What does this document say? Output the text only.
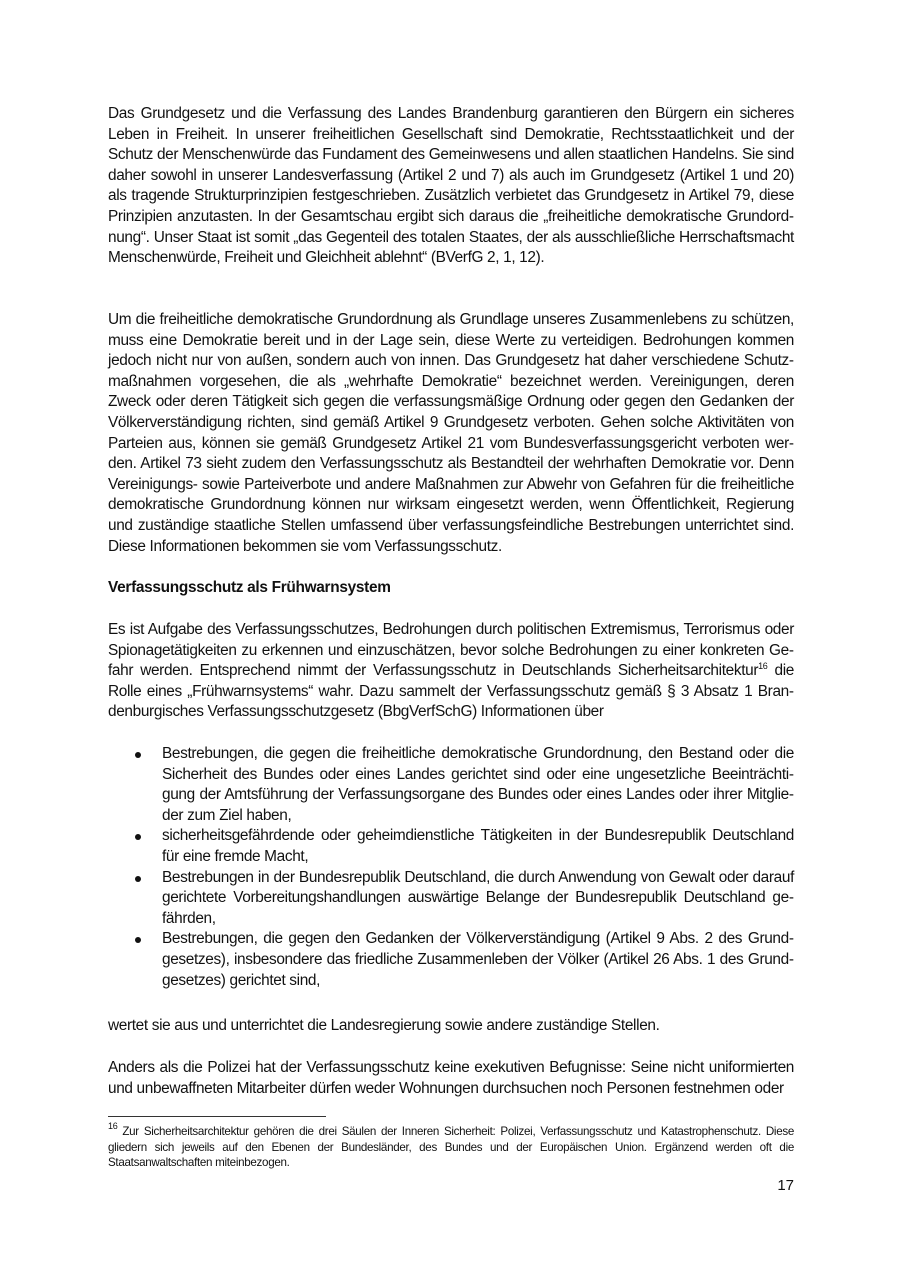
Das Grundgesetz und die Verfassung des Landes Brandenburg garantieren den Bürgern ein sicheres Leben in Freiheit. In unserer freiheitlichen Gesellschaft sind Demokratie, Rechtsstaatlichkeit und der Schutz der Menschenwürde das Fundament des Gemeinwesens und allen staatlichen Handelns. Sie sind daher sowohl in unserer Landesverfassung (Artikel 2 und 7) als auch im Grundgesetz (Artikel 1 und 20) als tragende Strukturprinzipien festgeschrieben. Zusätzlich verbietet das Grundgesetz in Artikel 79, diese Prinzipien anzutasten. In der Gesamtschau ergibt sich daraus die „freiheitliche demokratische Grundordnung“. Unser Staat ist somit „das Gegenteil des totalen Staates, der als ausschließliche Herrschaftsmacht Menschenwürde, Freiheit und Gleichheit ablehnt“ (BVerfG 2, 1, 12).

Um die freiheitliche demokratische Grundordnung als Grundlage unseres Zusammenlebens zu schützen, muss eine Demokratie bereit und in der Lage sein, diese Werte zu verteidigen. Bedrohungen kommen jedoch nicht nur von außen, sondern auch von innen. Das Grundgesetz hat daher verschiedene Schutzmaßnahmen vorgesehen, die als „wehrhafte Demokratie“ bezeichnet werden. Vereinigungen, deren Zweck oder deren Tätigkeit sich gegen die verfassungsmäßige Ordnung oder gegen den Gedanken der Völkerverständigung richten, sind gemäß Artikel 9 Grundgesetz verboten. Gehen solche Aktivitäten von Parteien aus, können sie gemäß Grundgesetz Artikel 21 vom Bundesverfassungsgericht verboten werden. Artikel 73 sieht zudem den Verfassungsschutz als Bestandteil der wehrhaften Demokratie vor. Denn Vereinigungs- sowie Parteiverbote und andere Maßnahmen zur Abwehr von Gefahren für die freiheitliche demokratische Grundordnung können nur wirksam eingesetzt werden, wenn Öffentlichkeit, Regierung und zuständige staatliche Stellen umfassend über verfassungsfeindliche Bestrebungen unterrichtet sind. Diese Informationen bekommen sie vom Verfassungsschutz.

Verfassungsschutz als Frühwarnsystem

Es ist Aufgabe des Verfassungsschutzes, Bedrohungen durch politischen Extremismus, Terrorismus oder Spionagetätigkeiten zu erkennen und einzuschätzen, bevor solche Bedrohungen zu einer konkreten Gefahr werden. Entsprechend nimmt der Verfassungsschutz in Deutschlands Sicherheitsarchitektur$^{16}$ die Rolle eines „Frühwarnsystems“ wahr. Dazu sammelt der Verfassungsschutz gemäß § 3 Absatz 1 Brandenburgisches Verfassungsschutzgesetz (BbgVerfSchG) Informationen über

Bestrebungen, die gegen die freiheitliche demokratische Grundordnung, den Bestand oder die Sicherheit des Bundes oder eines Landes gerichtet sind oder eine ungesetzliche Beeinträchtigung der Amtsführung der Verfassungsorgane des Bundes oder eines Landes oder ihrer Mitglieder zum Ziel haben,
sicherheitsgefährdende oder geheimdienstliche Tätigkeiten in der Bundesrepublik Deutschland für eine fremde Macht,
Bestrebungen in der Bundesrepublik Deutschland, die durch Anwendung von Gewalt oder darauf gerichtete Vorbereitungshandlungen auswärtige Belange der Bundesrepublik Deutschland gefährden,
Bestrebungen, die gegen den Gedanken der Völkerverständigung (Artikel 9 Abs. 2 des Grundgesetzes), insbesondere das friedliche Zusammenleben der Völker (Artikel 26 Abs. 1 des Grundgesetzes) gerichtet sind,

wertet sie aus und unterrichtet die Landesregierung sowie andere zuständige Stellen.

Anders als die Polizei hat der Verfassungsschutz keine exekutiven Befugnisse: Seine nicht uniformierten und unbewaffneten Mitarbeiter dürfen weder Wohnungen durchsuchen noch Personen festnehmen oder

$^{16}$ Zur Sicherheitsarchitektur gehören die drei Säulen der Inneren Sicherheit: Polizei, Verfassungsschutz und Katastrophenschutz. Diese gliedern sich jeweils auf den Ebenen der Bundesländer, des Bundes und der Europäischen Union. Ergänzend werden oft die Staatsanwaltschaften miteinbezogen.

17
